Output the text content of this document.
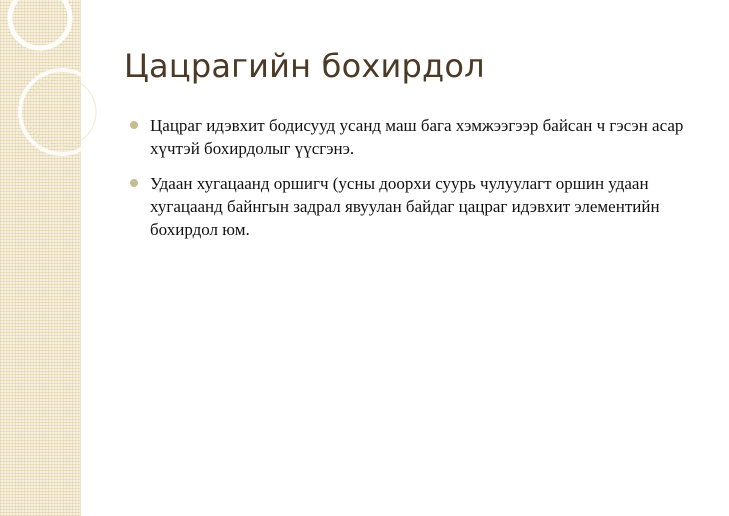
Цацрагийн бохирдол
Цацраг идэвхит бодисууд усанд маш бага хэмжээгээр байсан ч гэсэн асар хүчтэй бохирдолыг үүсгэнэ.
Удаан хугацаанд оршигч (усны доорхи суурь чулуулагт оршин удаан хугацаанд байнгын задрал явуулан байдаг цацраг идэвхит элементийн бохирдол юм.
